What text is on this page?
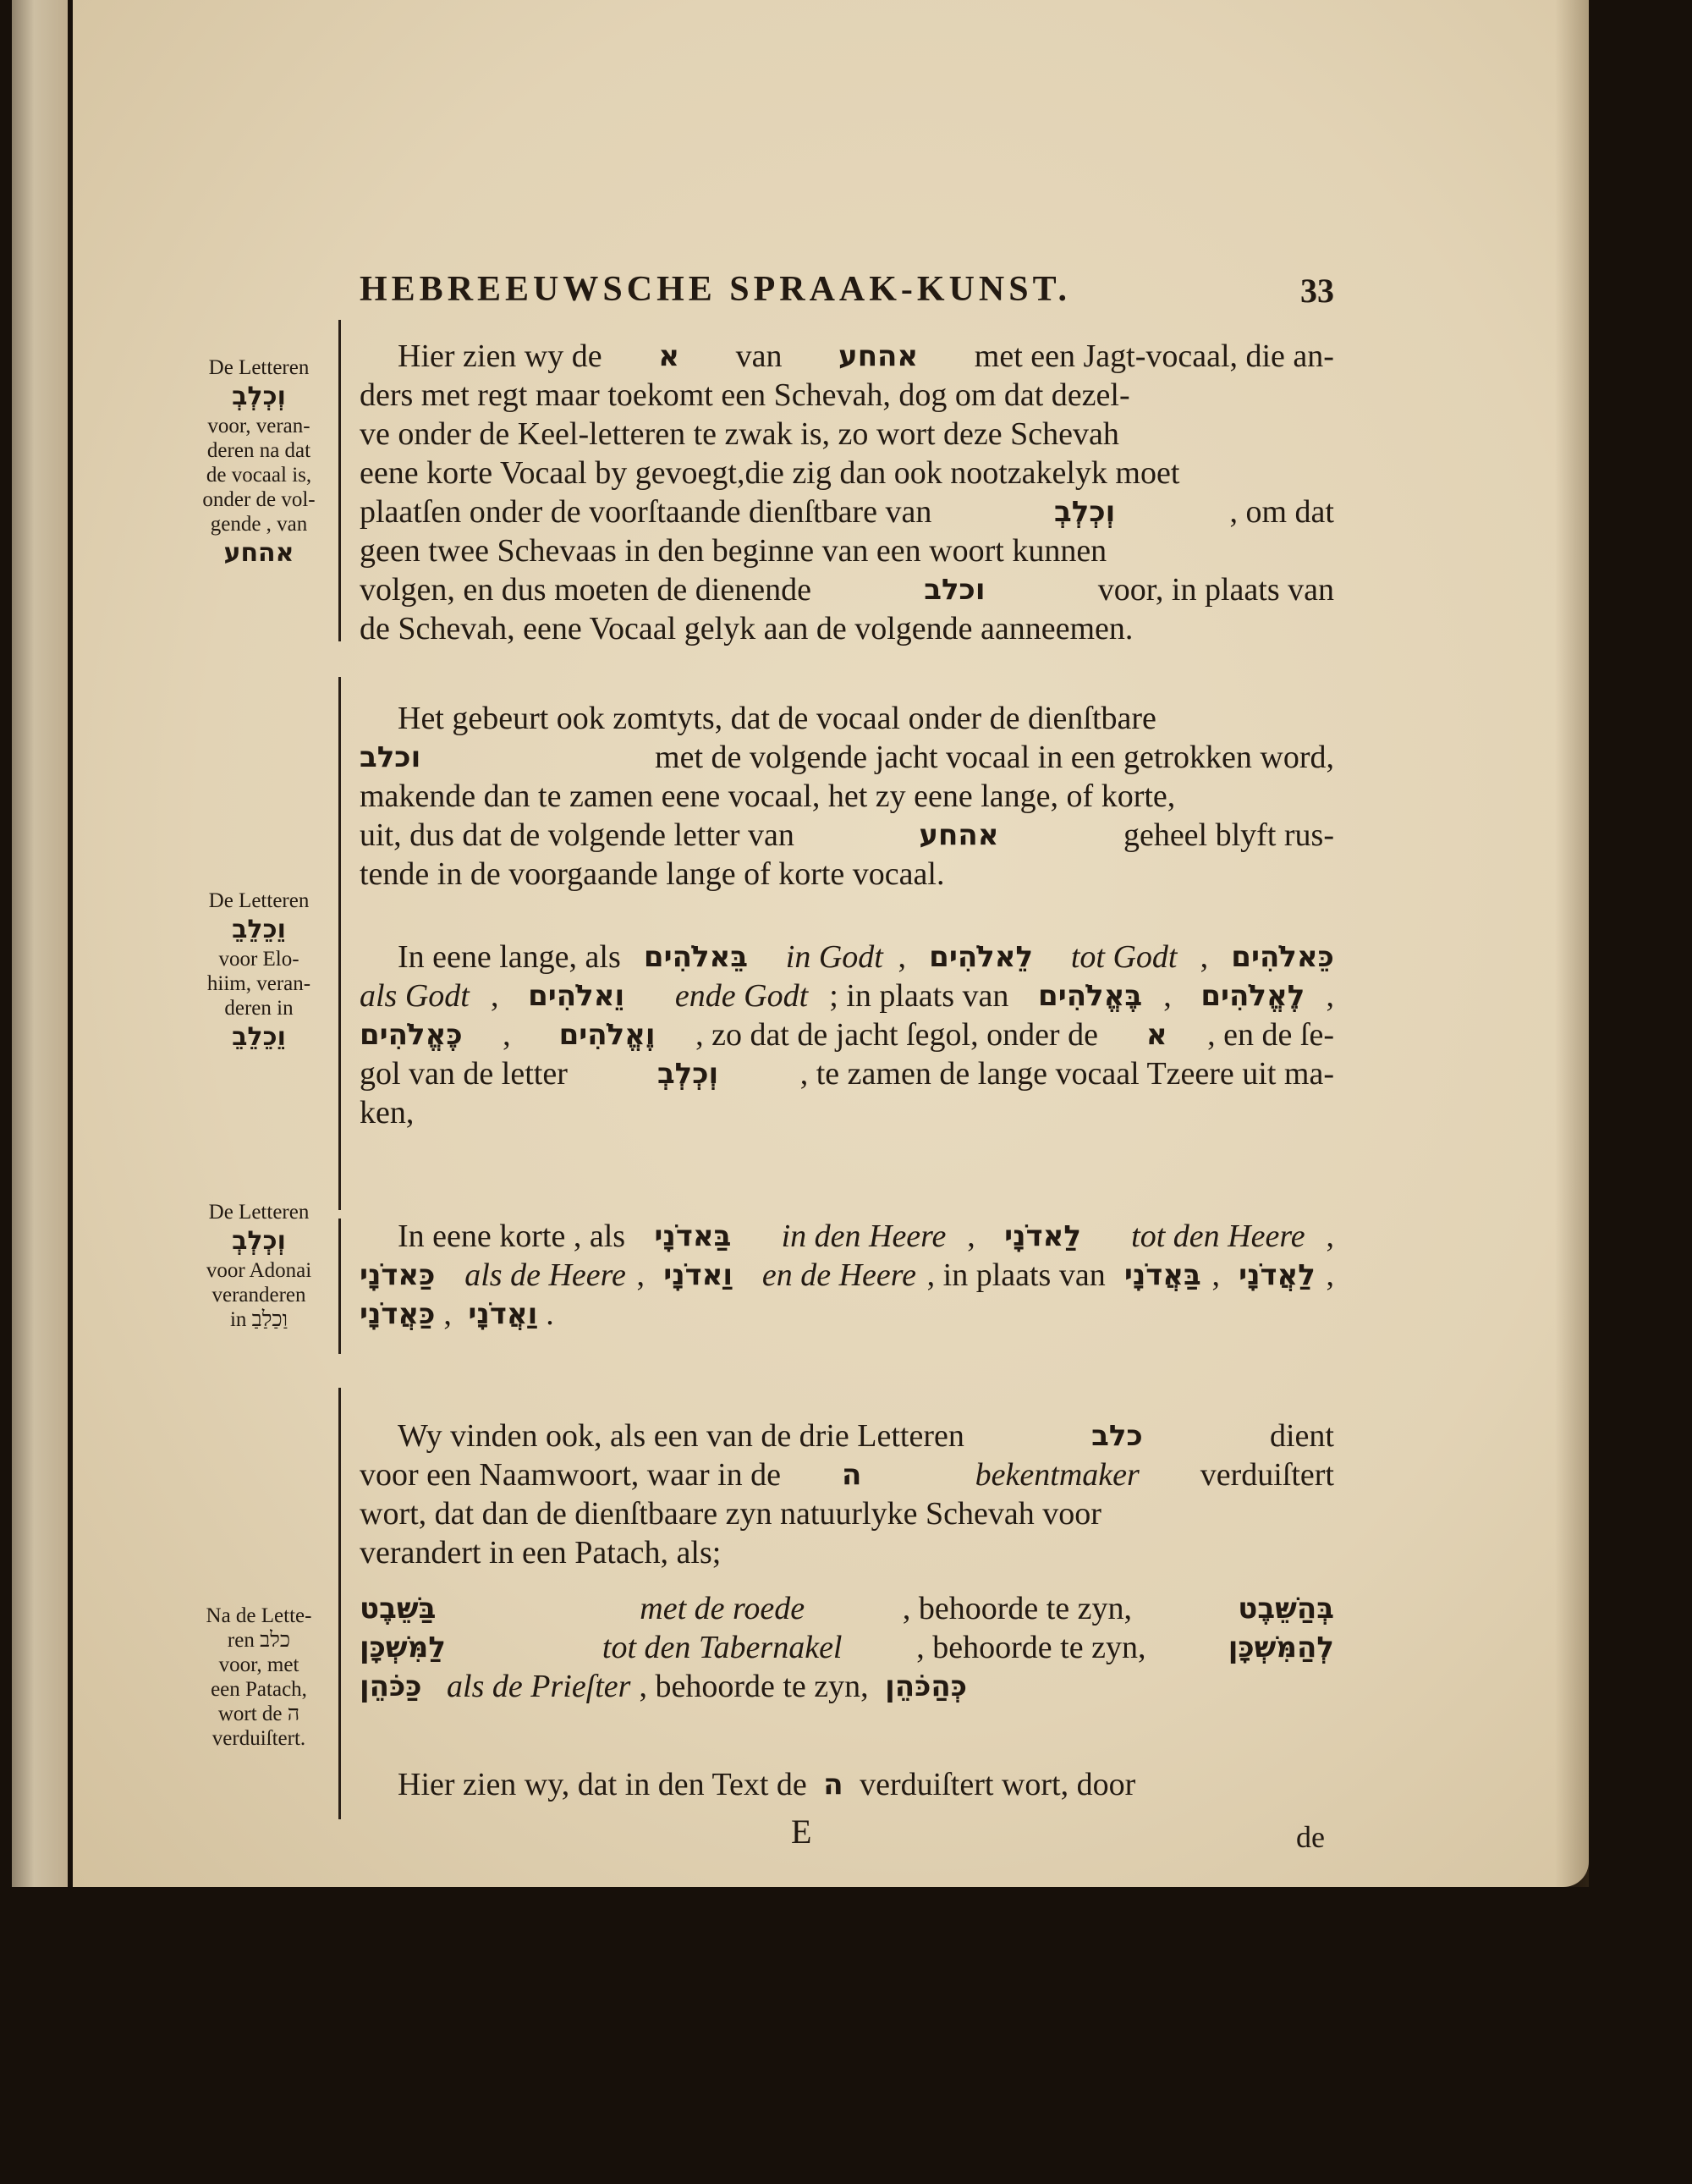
HEBREEUWSCHE SPRAAK-KUNST.	33
Hier zien wy de א van אהחע met een Jagt-vocaal, die an-
ders met regt maar toekomt een Schevah, dog om dat dezel-
ve onder de Keel-letteren te zwak is, zo wort deze Schevah
eene korte Vocaal by gevoegt,die zig dan ook nootzakelyk moet
plaatſen onder de voorſtaande dienſtbare van	וְכְלְבְ	, om dat
geen twee Schevaas in den beginne van een woort kunnen
volgen, en dus moeten de dienende	וכלב	voor, in plaats van
de Schevah, eene Vocaal gelyk aan de volgende aanneemen.
Het gebeurt ook zomtyts, dat de vocaal onder de dienſtbare
וכלב	met de volgende jacht vocaal in een getrokken word,
makende dan te zamen eene vocaal, het zy eene lange, of korte,
uit, dus dat de volgende letter van	אהחע	geheel blyft rus-
tende in de voorgaande lange of korte vocaal.
In eene lange, als בֵּאלֹהִים
in Godt , לֵאלֹהִים
tot Godt , כֵּאלֹהִים
als Godt , וֵאלֹהִים
ende Godt ; in plaats van בֶּאֱלֹהִים , לֶאֱלֹהִים ,
כֶּאֱלֹהִים , וֶאֱלֹהִים , zo dat de jacht ſegol, onder de א , en de ſe-
gol van de letter	וְכְלְבְ	, te zamen de lange vocaal Tzeere uit ma-
ken,
In eene korte , als בַּאדֹנָי
in den Heere , לַאדֹנָי
tot den Heere ,
כַּאדֹנָי
als de Heere , וַאדֹנָי
en de Heere , in plaats van בַּאֲדֹנָי , לַאֲדֹנָי ,
כַּאֲדֹנָי , וַאֲדֹנָי .
Wy vinden ook, als een van de drie Letteren	כלב	dient
voor een Naamwoort, waar in de ה
	bekentmaker verduiſtert
wort, dat dan de dienſtbaare zyn natuurlyke Schevah voor
verandert in een Patach, als;
בַּשֵּׁבֶט
	met de roede	, behoorde te zyn,	בְּהַשֵּׁבֶט
לַמִּשְׁכָּן
	tot den Tabernakel , behoorde te zyn,	לְהַמִּשְׁכָּן
כַּכֹּהֵן
als de Prieſter , behoorde te zyn, כְּהַכֹּהֵן
Hier zien wy, dat in den Text de ה verduiſtert wort, door
De Letteren
וְכְלְבְ
voor, veran-
deren na dat
de vocaal is,
onder de vol-
gende , van
אהחע
De Letteren
וֵכֵלֵבֵ
voor Elo-
hiim, veran-
deren in
וֵכֵלֵבֵ
De Letteren
וְכְלְבְ
voor Adonai
veranderen
in וַכַלַבַ
Na de Lette-
ren כלב
voor, met
een Patach,
wort de ה
verduiſtert.
E	de
